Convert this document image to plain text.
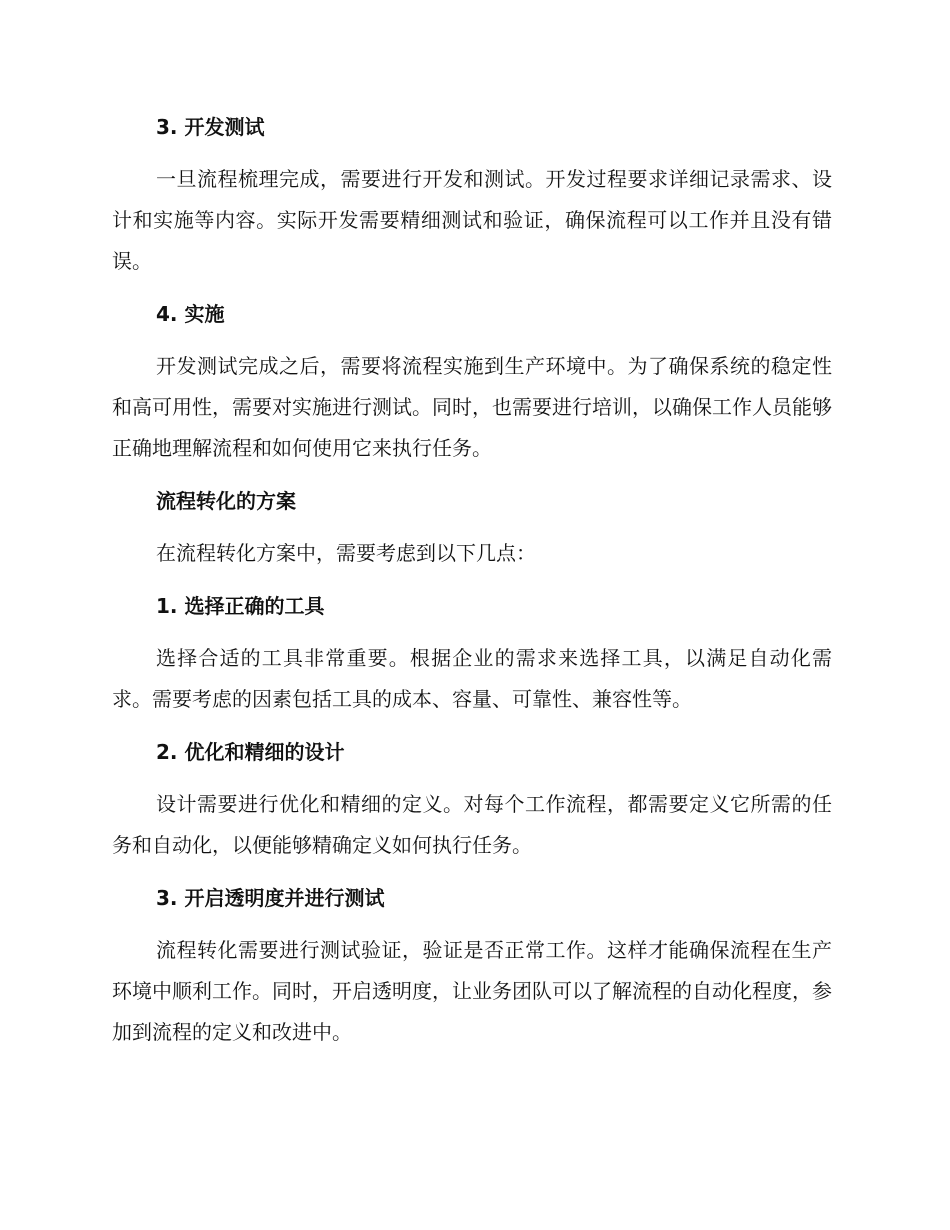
3. 开发测试

一旦流程梳理完成，需要进行开发和测试。开发过程要求详细记录需求、设计和实施等内容。实际开发需要精细测试和验证，确保流程可以工作并且没有错误。

4. 实施

开发测试完成之后，需要将流程实施到生产环境中。为了确保系统的稳定性和高可用性，需要对实施进行测试。同时，也需要进行培训，以确保工作人员能够正确地理解流程和如何使用它来执行任务。

流程转化的方案

在流程转化方案中，需要考虑到以下几点：

1. 选择正确的工具

选择合适的工具非常重要。根据企业的需求来选择工具，以满足自动化需求。需要考虑的因素包括工具的成本、容量、可靠性、兼容性等。

2. 优化和精细的设计

设计需要进行优化和精细的定义。对每个工作流程，都需要定义它所需的任务和自动化，以便能够精确定义如何执行任务。

3. 开启透明度并进行测试

流程转化需要进行测试验证，验证是否正常工作。这样才能确保流程在生产环境中顺利工作。同时，开启透明度，让业务团队可以了解流程的自动化程度，参加到流程的定义和改进中。
